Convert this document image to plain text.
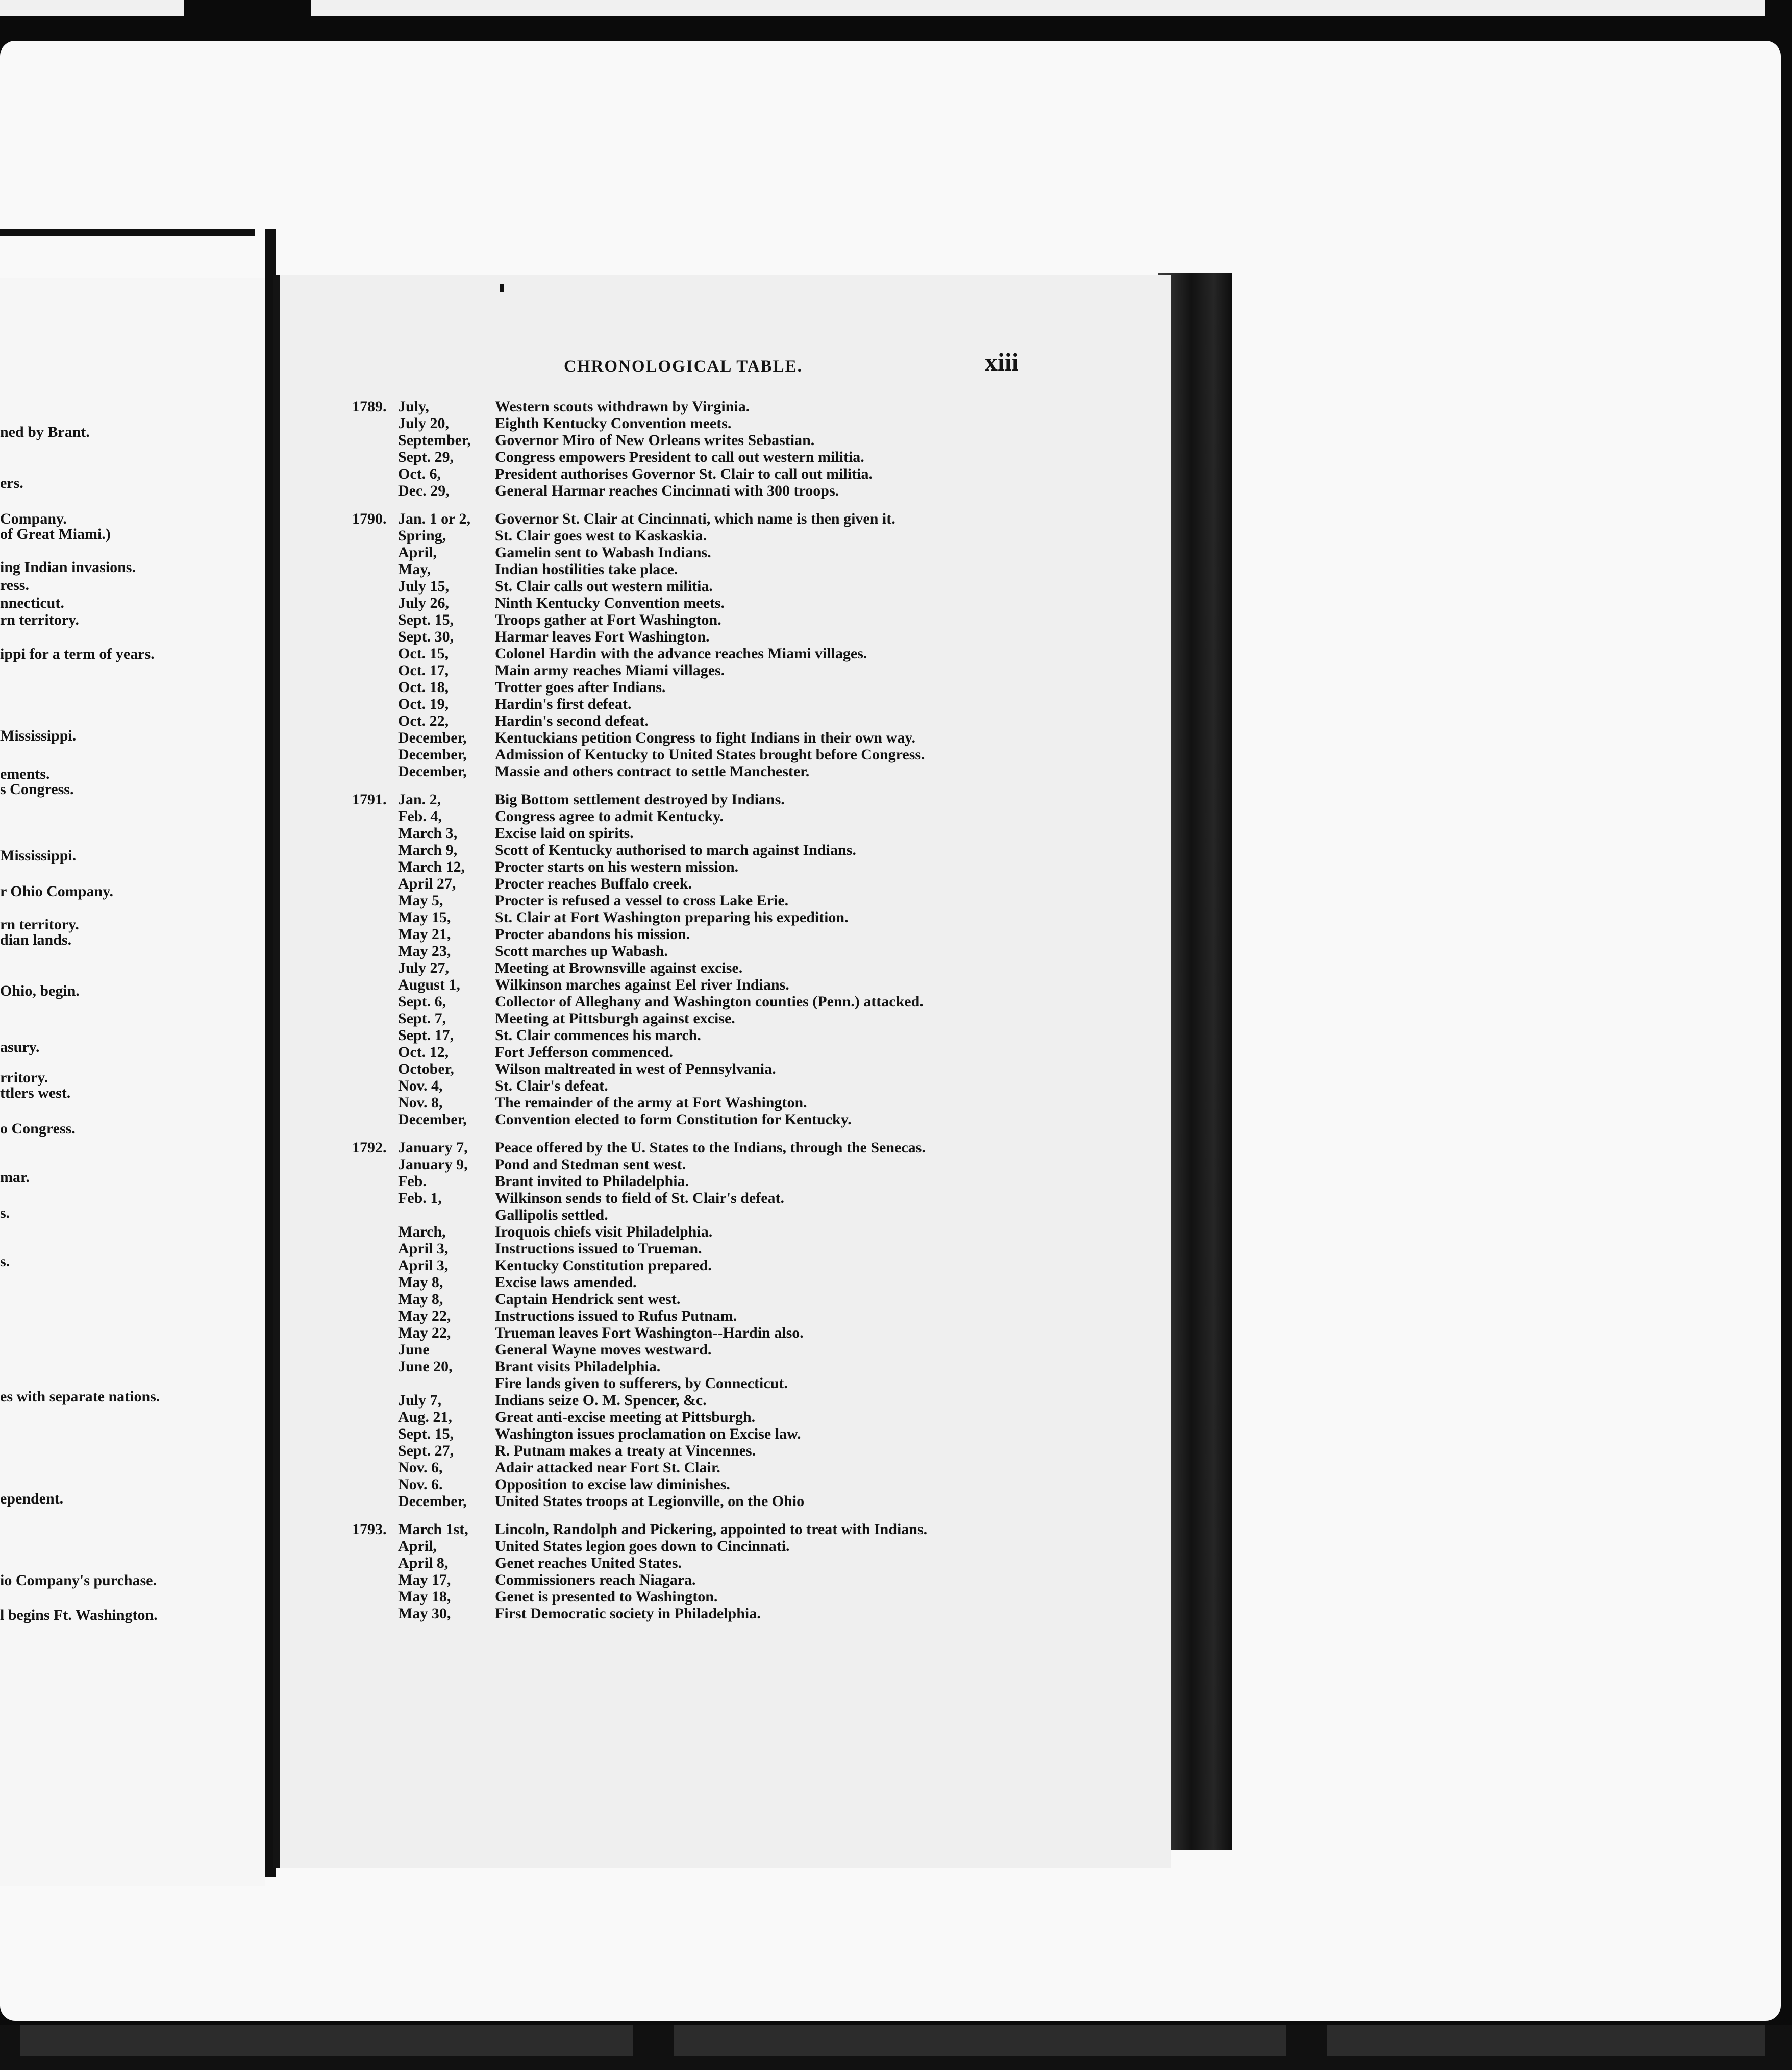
CHRONOLOGICAL TABLE.	xiii
ned by Brant.
ers.
Company.
of Great Miami.)
ing Indian invasions.
ress.
nnecticut.
rn territory.
ippi for a term of years.
Mississippi.
ements.
s Congress.
Mississippi.
r Ohio Company.
rn territory.
dian lands.
Ohio, begin.
asury.
rritory.
ttlers west.
o Congress.
mar.
s.
s.
es with separate nations.
ependent.
io Company's purchase.
l begins Ft. Washington.
1789. July,	Western scouts withdrawn by Virginia.
July 20,	Eighth Kentucky Convention meets.
September, Governor Miro of New Orleans writes Sebastian.
Sept. 29,	Congress empowers President to call out western militia.
Oct. 6,	President authorises Governor St. Clair to call out militia.
Dec. 29,	General Harmar reaches Cincinnati with 300 troops.
1790. Jan. 1 or 2, Governor St. Clair at Cincinnati, which name is then given it.
Spring,	St. Clair goes west to Kaskaskia.
April,	Gamelin sent to Wabash Indians.
May,	Indian hostilities take place.
July 15,	St. Clair calls out western militia.
July 26,	Ninth Kentucky Convention meets.
Sept. 15,	Troops gather at Fort Washington.
Sept. 30,	Harmar leaves Fort Washington.
Oct. 15,	Colonel Hardin with the advance reaches Miami villages.
Oct. 17,	Main army reaches Miami villages.
Oct. 18,	Trotter goes after Indians.
Oct. 19,	Hardin's first defeat.
Oct. 22,	Hardin's second defeat.
December, Kentuckians petition Congress to fight Indians in their own way.
December, Admission of Kentucky to United States brought before Congress.
December, Massie and others contract to settle Manchester.
1791. Jan. 2,	Big Bottom settlement destroyed by Indians.
Feb. 4,	Congress agree to admit Kentucky.
March 3, Excise laid on spirits.
March 9, Scott of Kentucky authorised to march against Indians.
March 12, Procter starts on his western mission.
April 27,	Procter reaches Buffalo creek.
May 5,	Procter is refused a vessel to cross Lake Erie.
May 15,	St. Clair at Fort Washington preparing his expedition.
May 21,	Procter abandons his mission.
May 23,	Scott marches up Wabash.
July 27,	Meeting at Brownsville against excise.
August 1, Wilkinson marches against Eel river Indians.
Sept. 6,	Collector of Alleghany and Washington counties (Penn.) attacked.
Sept. 7,	Meeting at Pittsburgh against excise.
Sept. 17,	St. Clair commences his march.
Oct. 12,	Fort Jefferson commenced.
October,	Wilson maltreated in west of Pennsylvania.
Nov. 4,	St. Clair's defeat.
Nov. 8,	The remainder of the army at Fort Washington.
December, Convention elected to form Constitution for Kentucky.
1792. January 7, Peace offered by the U. States to the Indians, through the Senecas.
January 9, Pond and Stedman sent west.
Feb.	Brant invited to Philadelphia.
Feb. 1,	Wilkinson sends to field of St. Clair's defeat.
Gallipolis settled.
March,	Iroquois chiefs visit Philadelphia.
April 3,	Instructions issued to Trueman.
April 3,	Kentucky Constitution prepared.
May 8,	Excise laws amended.
May 8,	Captain Hendrick sent west.
May 22,	Instructions issued to Rufus Putnam.
May 22,	Trueman leaves Fort Washington--Hardin also.
June	General Wayne moves westward.
June 20,	Brant visits Philadelphia.
Fire lands given to sufferers, by Connecticut.
July 7,	Indians seize O. M. Spencer, &c.
Aug. 21,	Great anti-excise meeting at Pittsburgh.
Sept. 15,	Washington issues proclamation on Excise law.
Sept. 27,	R. Putnam makes a treaty at Vincennes.
Nov. 6,	Adair attacked near Fort St. Clair.
Nov. 6.	Opposition to excise law diminishes.
December, United States troops at Legionville, on the Ohio
1793. March 1st, Lincoln, Randolph and Pickering, appointed to treat with Indians.
April,	United States legion goes down to Cincinnati.
April 8,	Genet reaches United States.
May 17,	Commissioners reach Niagara.
May 18,	Genet is presented to Washington.
May 30,	First Democratic society in Philadelphia.
